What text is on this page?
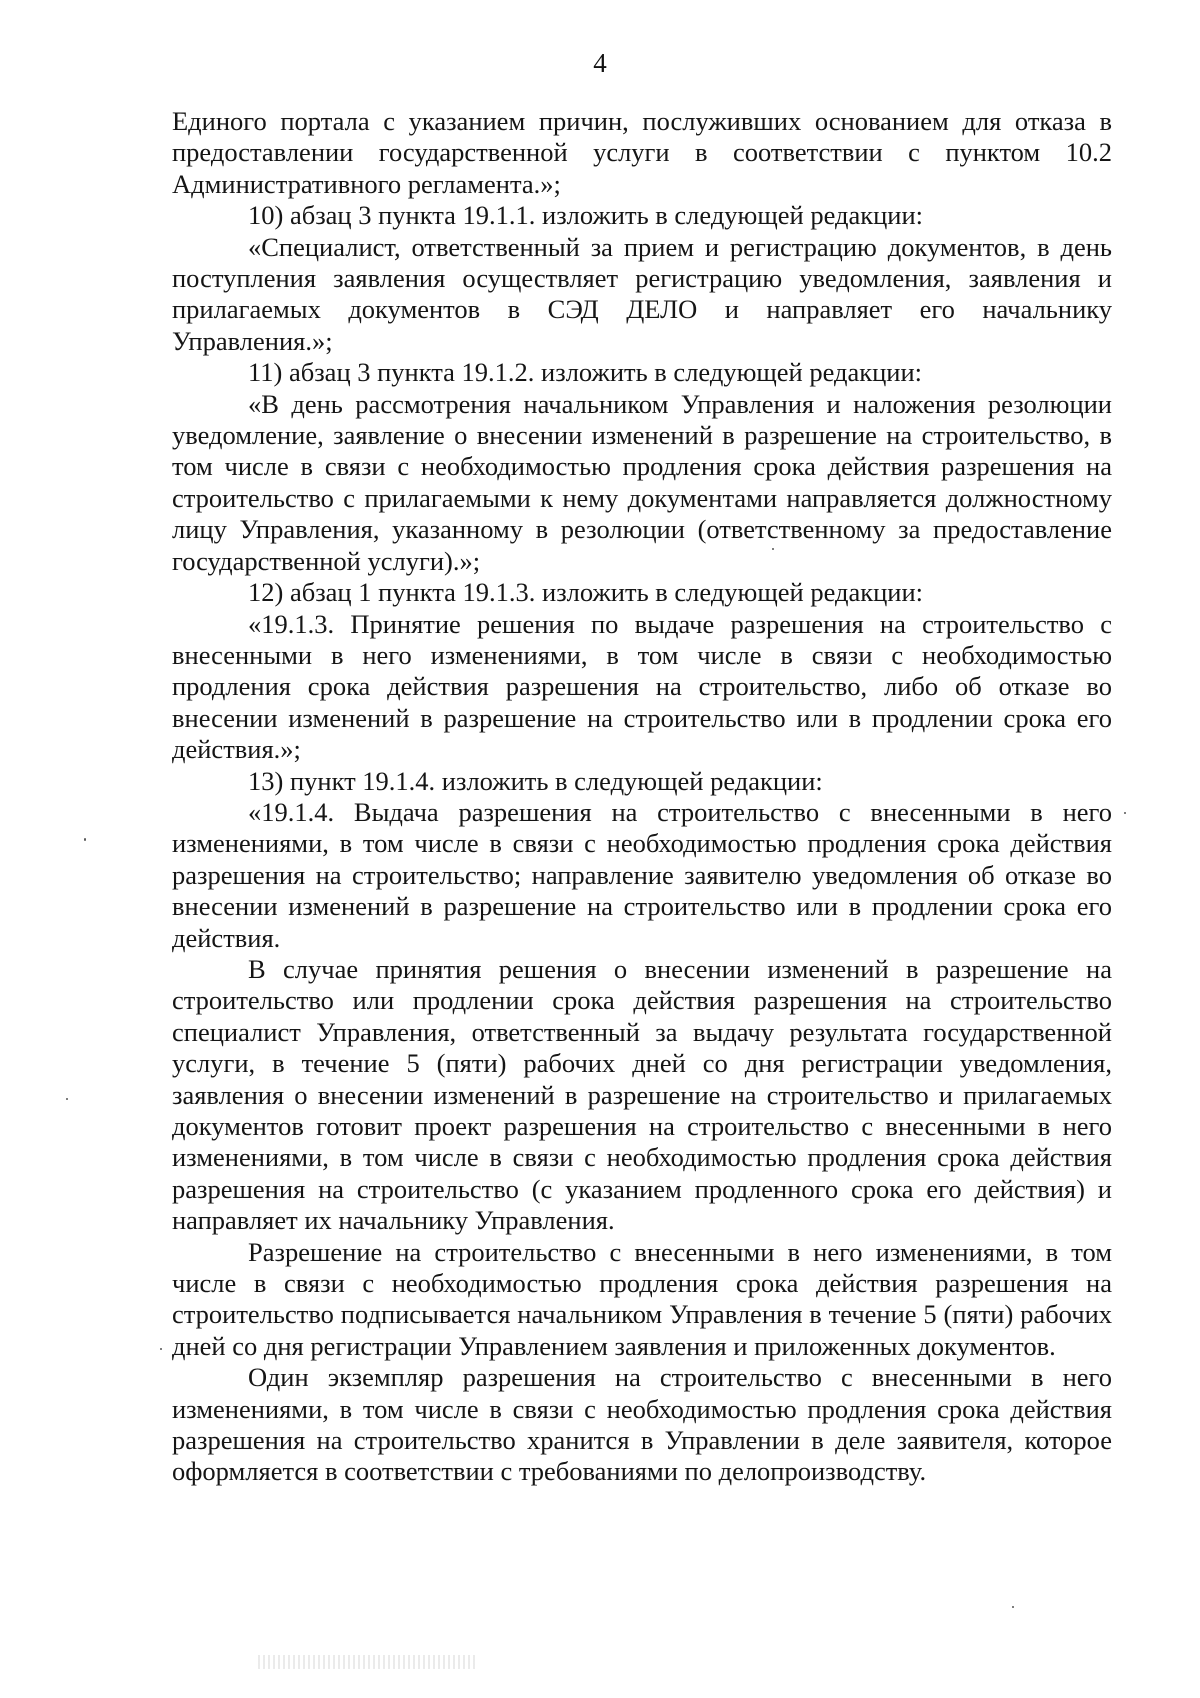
4

Единого портала с указанием причин, послуживших основанием для отказа в предоставлении государственной услуги в соответствии с пунктом 10.2 Административного регламента.»;

10) абзац 3 пункта 19.1.1. изложить в следующей редакции:

«Специалист, ответственный за прием и регистрацию документов, в день поступления заявления осуществляет регистрацию уведомления, заявления и прилагаемых документов в СЭД ДЕЛО и направляет его начальнику Управления.»;

11) абзац 3 пункта 19.1.2. изложить в следующей редакции:

«В день рассмотрения начальником Управления и наложения резолюции уведомление, заявление о внесении изменений в разрешение на строительство, в том числе в связи с необходимостью продления срока действия разрешения на строительство с прилагаемыми к нему документами направляется должностному лицу Управления, указанному в резолюции (ответственному за предоставление государственной услуги).»;

12) абзац 1 пункта 19.1.3. изложить в следующей редакции:

«19.1.3. Принятие решения по выдаче разрешения на строительство с внесенными в него изменениями, в том числе в связи с необходимостью продления срока действия разрешения на строительство, либо об отказе во внесении изменений в разрешение на строительство или в продлении срока его действия.»;

13) пункт 19.1.4. изложить в следующей редакции:

«19.1.4. Выдача разрешения на строительство с внесенными в него изменениями, в том числе в связи с необходимостью продления срока действия разрешения на строительство; направление заявителю уведомления об отказе во внесении изменений в разрешение на строительство или в продлении срока его действия.

В случае принятия решения о внесении изменений в разрешение на строительство или продлении срока действия разрешения на строительство специалист Управления, ответственный за выдачу результата государственной услуги, в течение 5 (пяти) рабочих дней со дня регистрации уведомления, заявления о внесении изменений в разрешение на строительство и прилагаемых документов готовит проект разрешения на строительство с внесенными в него изменениями, в том числе в связи с необходимостью продления срока действия разрешения на строительство (с указанием продленного срока его действия) и направляет их начальнику Управления.

Разрешение на строительство с внесенными в него изменениями, в том числе в связи с необходимостью продления срока действия разрешения на строительство подписывается начальником Управления в течение 5 (пяти) рабочих дней со дня регистрации Управлением заявления и приложенных документов.

Один экземпляр разрешения на строительство с внесенными в него изменениями, в том числе в связи с необходимостью продления срока действия разрешения на строительство хранится в Управлении в деле заявителя, которое оформляется в соответствии с требованиями по делопроизводству.
